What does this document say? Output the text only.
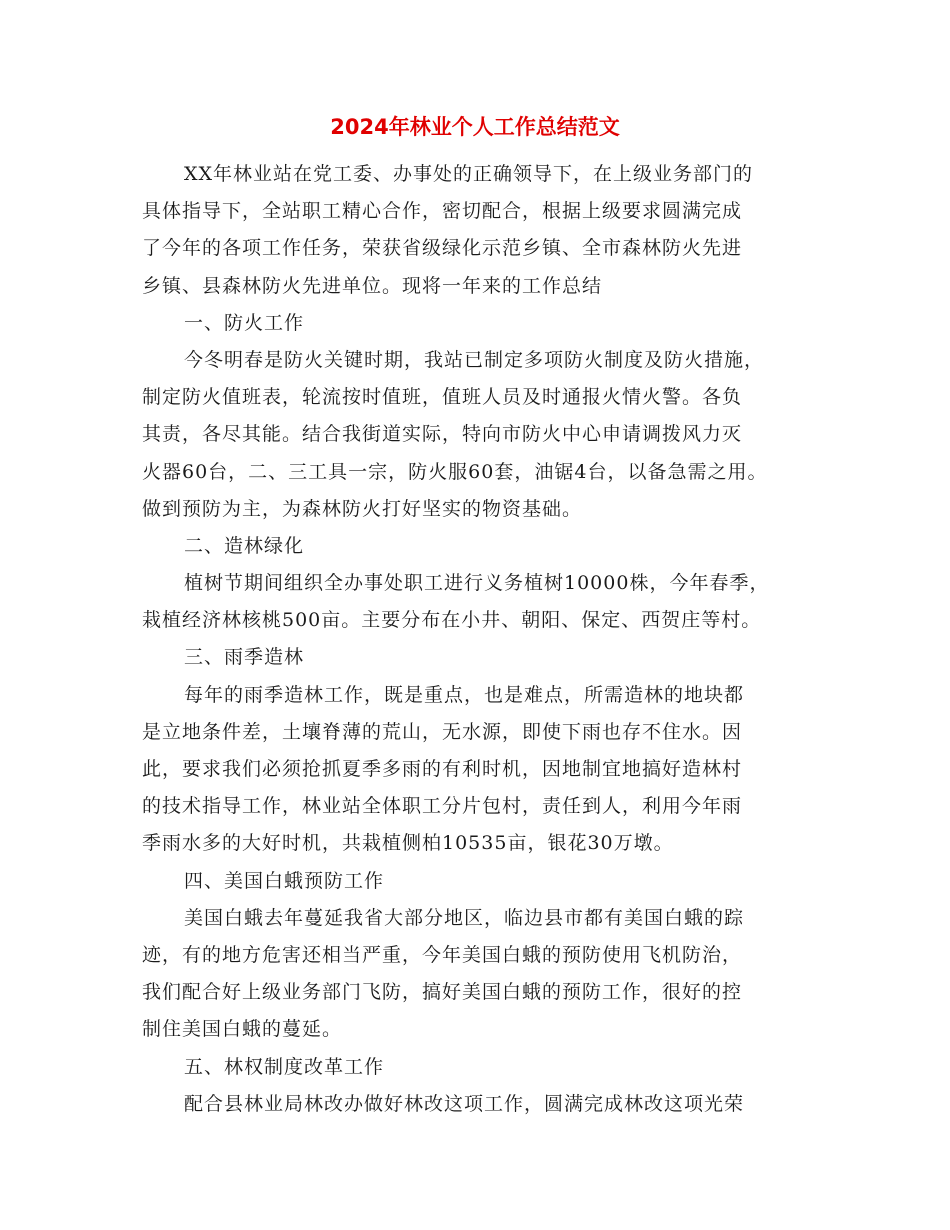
2024年林业个人工作总结范文
XX年林业站在党工委、办事处的正确领导下，在上级业务部门的
具体指导下，全站职工精心合作，密切配合，根据上级要求圆满完成
了今年的各项工作任务，荣获省级绿化示范乡镇、全市森林防火先进
乡镇、县森林防火先进单位。现将一年来的工作总结
一、防火工作
今冬明春是防火关键时期，我站已制定多项防火制度及防火措施，
制定防火值班表，轮流按时值班，值班人员及时通报火情火警。各负
其责，各尽其能。结合我街道实际，特向市防火中心申请调拨风力灭
火器60台，二、三工具一宗，防火服60套，油锯4台，以备急需之用。
做到预防为主，为森林防火打好坚实的物资基础。
二、造林绿化
植树节期间组织全办事处职工进行义务植树10000株，今年春季，
栽植经济林核桃500亩。主要分布在小井、朝阳、保定、西贺庄等村。
三、雨季造林
每年的雨季造林工作，既是重点，也是难点，所需造林的地块都
是立地条件差，土壤脊薄的荒山，无水源，即使下雨也存不住水。因
此，要求我们必须抢抓夏季多雨的有利时机，因地制宜地搞好造林村
的技术指导工作，林业站全体职工分片包村，责任到人，利用今年雨
季雨水多的大好时机，共栽植侧柏10535亩，银花30万墩。
四、美国白蛾预防工作
美国白蛾去年蔓延我省大部分地区，临边县市都有美国白蛾的踪
迹，有的地方危害还相当严重，今年美国白蛾的预防使用飞机防治，
我们配合好上级业务部门飞防，搞好美国白蛾的预防工作，很好的控
制住美国白蛾的蔓延。
五、林权制度改革工作
配合县林业局林改办做好林改这项工作，圆满完成林改这项光荣
